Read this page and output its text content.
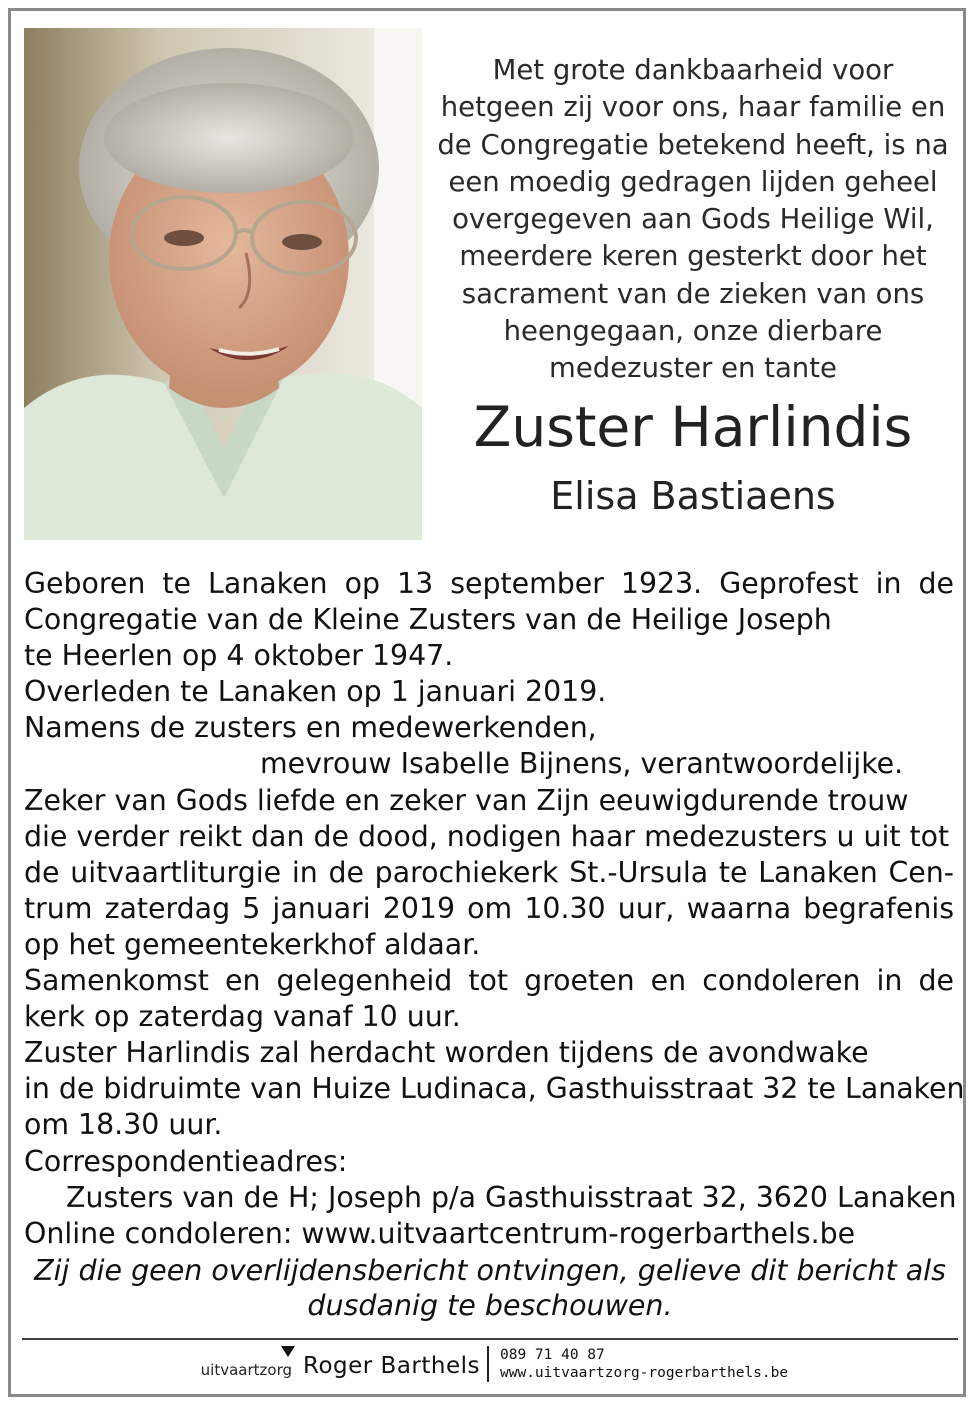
Met grote dankbaarheid voor
hetgeen zij voor ons, haar familie en
de Congregatie betekend heeft, is na
een moedig gedragen lijden geheel
overgegeven aan Gods Heilige Wil,
meerdere keren gesterkt door het
sacrament van de zieken van ons
heengegaan, onze dierbare
medezuster en tante
Zuster Harlindis
Elisa Bastiaens
Geboren te Lanaken op 13 september 1923. Geprofest in de
Congregatie van de Kleine Zusters van de Heilige Joseph
te Heerlen op 4 oktober 1947.
Overleden te Lanaken op 1 januari 2019.
Namens de zusters en medewerkenden,
mevrouw Isabelle Bijnens, verantwoordelijke.
Zeker van Gods liefde en zeker van Zijn eeuwigdurende trouw
die verder reikt dan de dood, nodigen haar medezusters u uit tot
de uitvaartliturgie in de parochiekerk St.-Ursula te Lanaken Cen-
trum zaterdag 5 januari 2019 om 10.30 uur, waarna begrafenis
op het gemeentekerkhof aldaar.
Samenkomst en gelegenheid tot groeten en condoleren in de
kerk op zaterdag vanaf 10 uur.
Zuster Harlindis zal herdacht worden tijdens de avondwake
in de bidruimte van Huize Ludinaca, Gasthuisstraat 32 te Lanaken
om 18.30 uur.
Correspondentieadres:
Zusters van de H; Joseph p/a Gasthuisstraat 32, 3620 Lanaken
Online condoleren: www.uitvaartcentrum-rogerbarthels.be
Zij die geen overlijdensbericht ontvingen, gelieve dit bericht als
dusdanig te beschouwen.
uitvaartzorg Roger Barthels 089 71 40 87
www.uitvaartzorg-rogerbarthels.be
